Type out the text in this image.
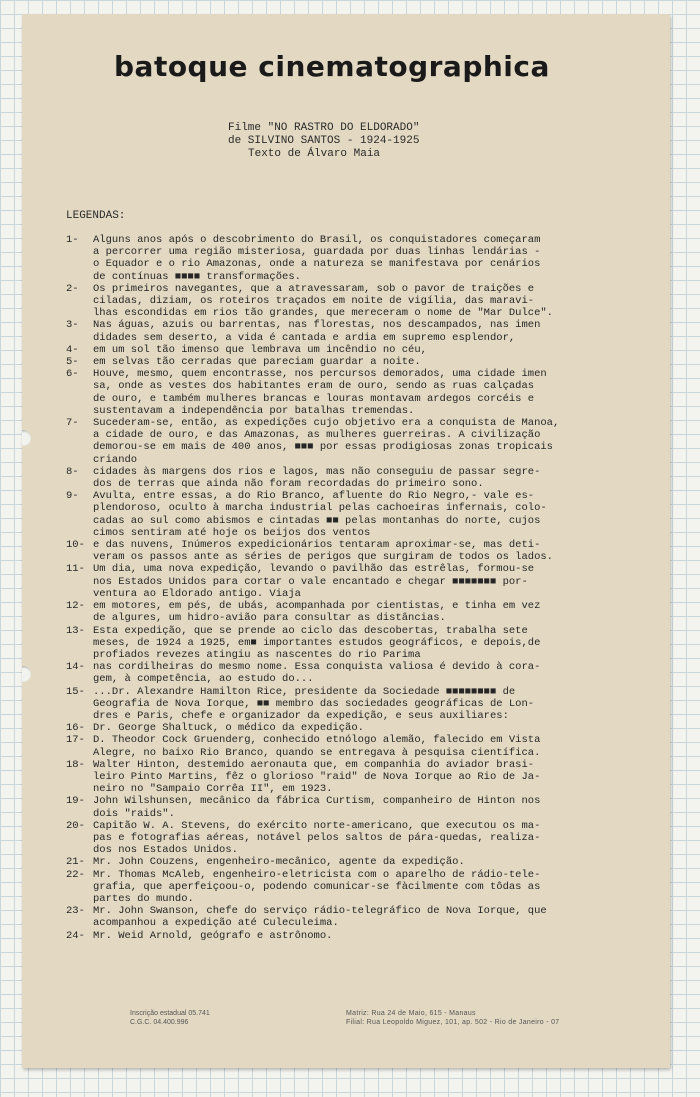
batoque cinematographica
Filme "NO RASTRO DO ELDORADO"
de SILVINO SANTOS - 1924-1925
Texto de Álvaro Maia
LEGENDAS:
1-	Alguns anos após o descobrimento do Brasil, os conquistadores começaram
a percorrer uma região misteriosa, guardada por duas linhas lendárias -
o Equador e o rio Amazonas, onde a natureza se manifestava por cenários
de contínuas ■■■■ transformações.
2-	Os primeiros navegantes, que a atravessaram, sob o pavor de traições e
ciladas, diziam, os roteiros traçados em noite de vigília, das maravi-
lhas escondidas em rios tão grandes, que mereceram o nome de "Mar Dulce".
3-	Nas águas, azuis ou barrentas, nas florestas, nos descampados, nas imen
didades sem deserto, a vida é cantada e ardia em supremo esplendor,
4-	em um sol tão imenso que lembrava um incêndio no céu,
5-	em selvas tão cerradas que pareciam guardar a noite.
6-	Houve, mesmo, quem encontrasse, nos percursos demorados, uma cidade imen
sa, onde as vestes dos habitantes eram de ouro, sendo as ruas calçadas
de ouro, e também mulheres brancas e louras montavam ardegos corcéis e
sustentavam a independência por batalhas tremendas.
7-	Sucederam-se, então, as expedições cujo objetivo era a conquista de Manoa,
a cidade de ouro, e das Amazonas, as mulheres guerreiras. A civilização
demorou-se em mais de 400 anos, ■■■ por essas prodigiosas zonas tropicais
criando
8-	cidades às margens dos rios e lagos, mas não conseguiu de passar segre-
dos de terras que ainda não foram recordadas do primeiro sono.
9-	Avulta, entre essas, a do Rio Branco, afluente do Rio Negro,- vale es-
plendoroso, oculto à marcha industrial pelas cachoeiras infernais, colo-
cadas ao sul como abismos e cintadas ■■ pelas montanhas do norte, cujos
cimos sentiram até hoje os beijos dos ventos
10- e das nuvens, Inúmeros expedicionários tentaram aproximar-se, mas deti-
veram os passos ante as séries de perigos que surgiram de todos os lados.
11- Um dia, uma nova expedição, levando o pavilhão das estrêlas, formou-se
nos Estados Unidos para cortar o vale encantado e chegar ■■■■■■■ por-
ventura ao Eldorado antigo. Viaja
12- em motores, em pés, de ubás, acompanhada por cientistas, e tinha em vez
de algures, um hidro-avião para consultar as distâncias.
13- Esta expedição, que se prende ao ciclo das descobertas, trabalha sete
meses, de 1924 a 1925, em■ importantes estudos geográficos, e depois,de
profiados revezes atingiu as nascentes do rio Parima
14- nas cordilheiras do mesmo nome. Essa conquista valiosa é devido à cora-
gem, à competência, ao estudo do...
15- ...Dr. Alexandre Hamilton Rice, presidente da Sociedade ■■■■■■■■ de
Geografia de Nova Iorque, ■■ membro das sociedades geográficas de Lon-
dres e Paris, chefe e organizador da expedição, e seus auxiliares:
16- Dr. George Shaltuck, o médico da expedição.
17- D. Theodor Cock Gruenderg, conhecido etnólogo alemão, falecido em Vista
Alegre, no baixo Rio Branco, quando se entregava à pesquisa científica.
18- Walter Hinton, destemido aeronauta que, em companhia do aviador brasi-
leiro Pinto Martins, fêz o glorioso "raid" de Nova Iorque ao Rio de Ja-
neiro no "Sampaio Corrêa II", em 1923.
19- John Wilshunsen, mecânico da fábrica Curtism, companheiro de Hinton nos
dois "raids".
20- Capitão W. A. Stevens, do exército norte-americano, que executou os ma-
pas e fotografias aéreas, notável pelos saltos de pára-quedas, realiza-
dos nos Estados Unidos.
21- Mr. John Couzens, engenheiro-mecânico, agente da expedição.
22- Mr. Thomas McAleb, engenheiro-eletricista com o aparelho de rádio-tele-
grafia, que aperfeiçoou-o, podendo comunicar-se fàcilmente com tôdas as
partes do mundo.
23- Mr. John Swanson, chefe do serviço rádio-telegráfico de Nova Iorque, que
acompanhou a expedição até Culeculeima.
24- Mr. Weid Arnold, geógrafo e astrônomo.
Inscrição estadual 05.741
C.G.C. 04.400.996
Matriz: Rua 24 de Maio, 615 - Manaus
Filial: Rua Leopoldo Miguez, 101, ap. 502 - Rio de Janeiro - 07
